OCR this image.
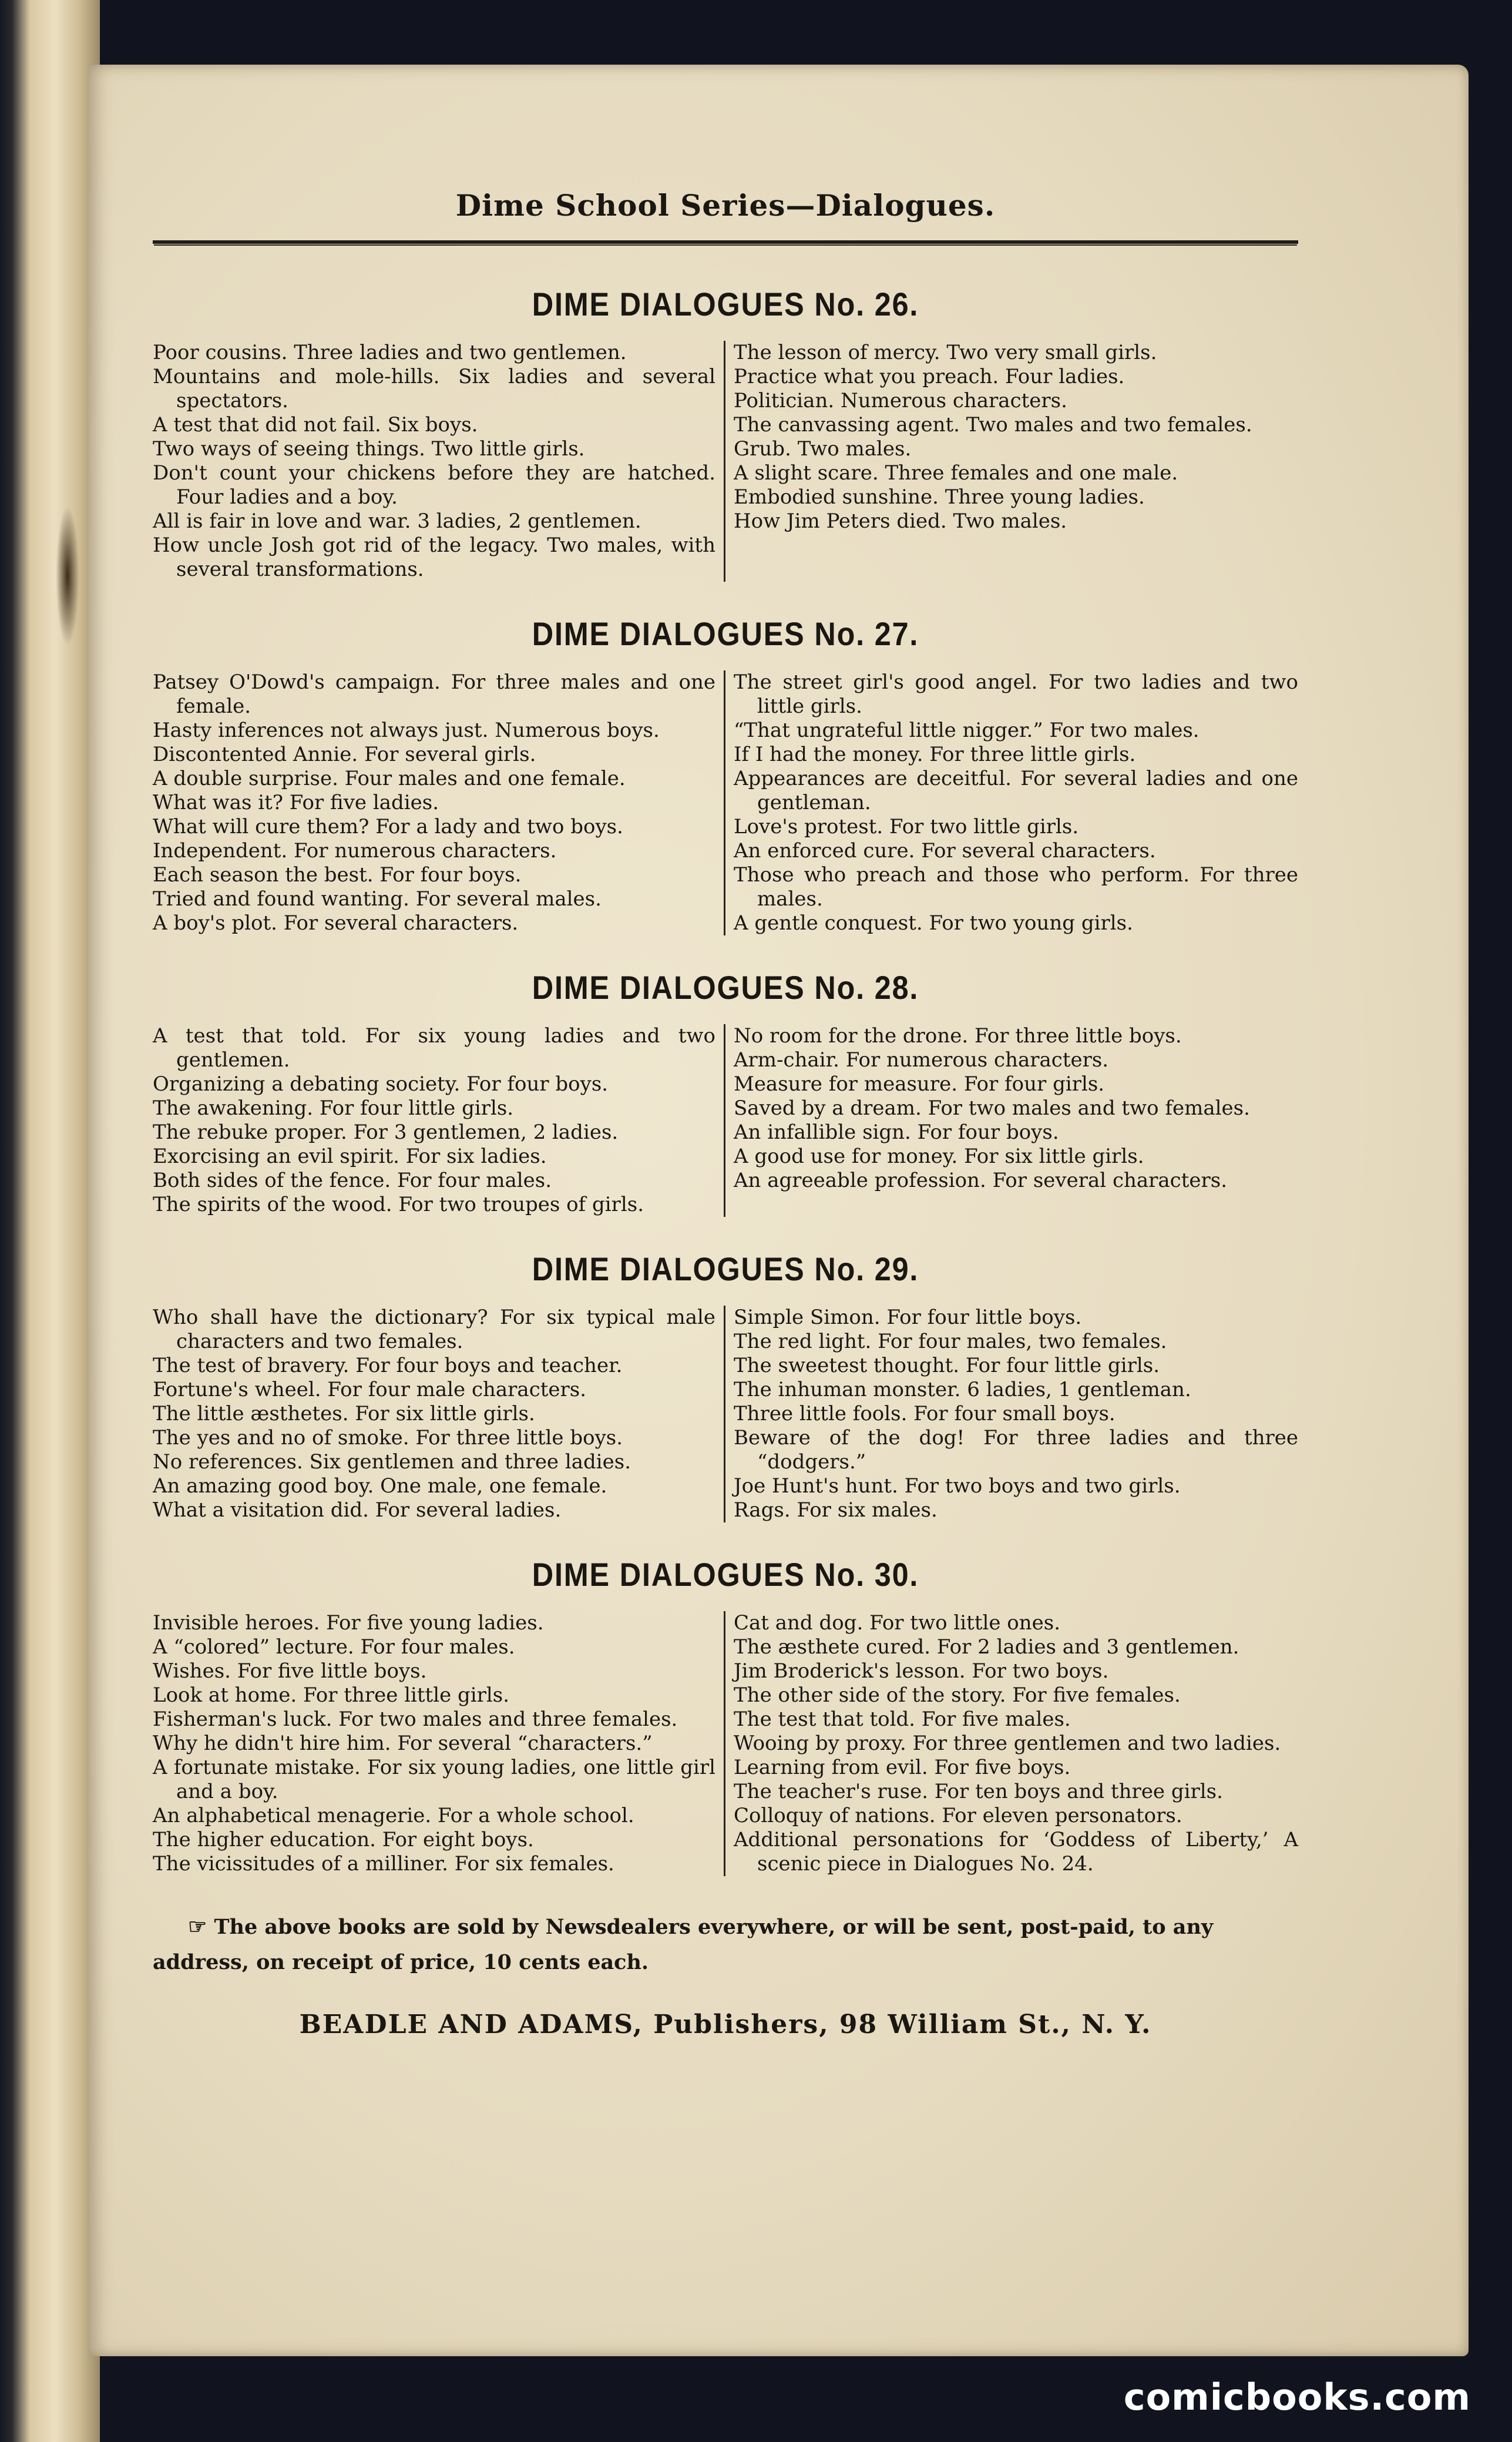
Dime School Series—Dialogues.
DIME DIALOGUES No. 26.
Poor cousins. Three ladies and two gentlemen.
Mountains and mole-hills. Six ladies and several spectators.
A test that did not fail. Six boys.
Two ways of seeing things. Two little girls.
Don't count your chickens before they are hatched. Four ladies and a boy.
All is fair in love and war. 3 ladies, 2 gentlemen.
How uncle Josh got rid of the legacy. Two males, with several transformations.
The lesson of mercy. Two very small girls.
Practice what you preach. Four ladies.
Politician. Numerous characters.
The canvassing agent. Two males and two females.
Grub. Two males.
A slight scare. Three females and one male.
Embodied sunshine. Three young ladies.
How Jim Peters died. Two males.
DIME DIALOGUES No. 27.
Patsey O'Dowd's campaign. For three males and one female.
Hasty inferences not always just. Numerous boys.
Discontented Annie. For several girls.
A double surprise. Four males and one female.
What was it? For five ladies.
What will cure them? For a lady and two boys.
Independent. For numerous characters.
Each season the best. For four boys.
Tried and found wanting. For several males.
A boy's plot. For several characters.
The street girl's good angel. For two ladies and two little girls.
“That ungrateful little nigger.” For two males.
If I had the money. For three little girls.
Appearances are deceitful. For several ladies and one gentleman.
Love's protest. For two little girls.
An enforced cure. For several characters.
Those who preach and those who perform. For three males.
A gentle conquest. For two young girls.
DIME DIALOGUES No. 28.
A test that told. For six young ladies and two gentlemen.
Organizing a debating society. For four boys.
The awakening. For four little girls.
The rebuke proper. For 3 gentlemen, 2 ladies.
Exorcising an evil spirit. For six ladies.
Both sides of the fence. For four males.
The spirits of the wood. For two troupes of girls.
No room for the drone. For three little boys.
Arm-chair. For numerous characters.
Measure for measure. For four girls.
Saved by a dream. For two males and two females.
An infallible sign. For four boys.
A good use for money. For six little girls.
An agreeable profession. For several characters.
DIME DIALOGUES No. 29.
Who shall have the dictionary? For six typical male characters and two females.
The test of bravery. For four boys and teacher.
Fortune's wheel. For four male characters.
The little æsthetes. For six little girls.
The yes and no of smoke. For three little boys.
No references. Six gentlemen and three ladies.
An amazing good boy. One male, one female.
What a visitation did. For several ladies.
Simple Simon. For four little boys.
The red light. For four males, two females.
The sweetest thought. For four little girls.
The inhuman monster. 6 ladies, 1 gentleman.
Three little fools. For four small boys.
Beware of the dog! For three ladies and three “dodgers.”
Joe Hunt's hunt. For two boys and two girls.
Rags. For six males.
DIME DIALOGUES No. 30.
Invisible heroes. For five young ladies.
A “colored” lecture. For four males.
Wishes. For five little boys.
Look at home. For three little girls.
Fisherman's luck. For two males and three females.
Why he didn't hire him. For several “characters.”
A fortunate mistake. For six young ladies, one little girl and a boy.
An alphabetical menagerie. For a whole school.
The higher education. For eight boys.
The vicissitudes of a milliner. For six females.
Cat and dog. For two little ones.
The æsthete cured. For 2 ladies and 3 gentlemen.
Jim Broderick's lesson. For two boys.
The other side of the story. For five females.
The test that told. For five males.
Wooing by proxy. For three gentlemen and two ladies.
Learning from evil. For five boys.
The teacher's ruse. For ten boys and three girls.
Colloquy of nations. For eleven personators.
Additional personations for ‘Goddess of Liberty,’ A scenic piece in Dialogues No. 24.
☞ The above books are sold by Newsdealers everywhere, or will be sent, post-paid, to any address, on receipt of price, 10 cents each.
BEADLE AND ADAMS, Publishers, 98 William St., N. Y.
comicbooks.com
